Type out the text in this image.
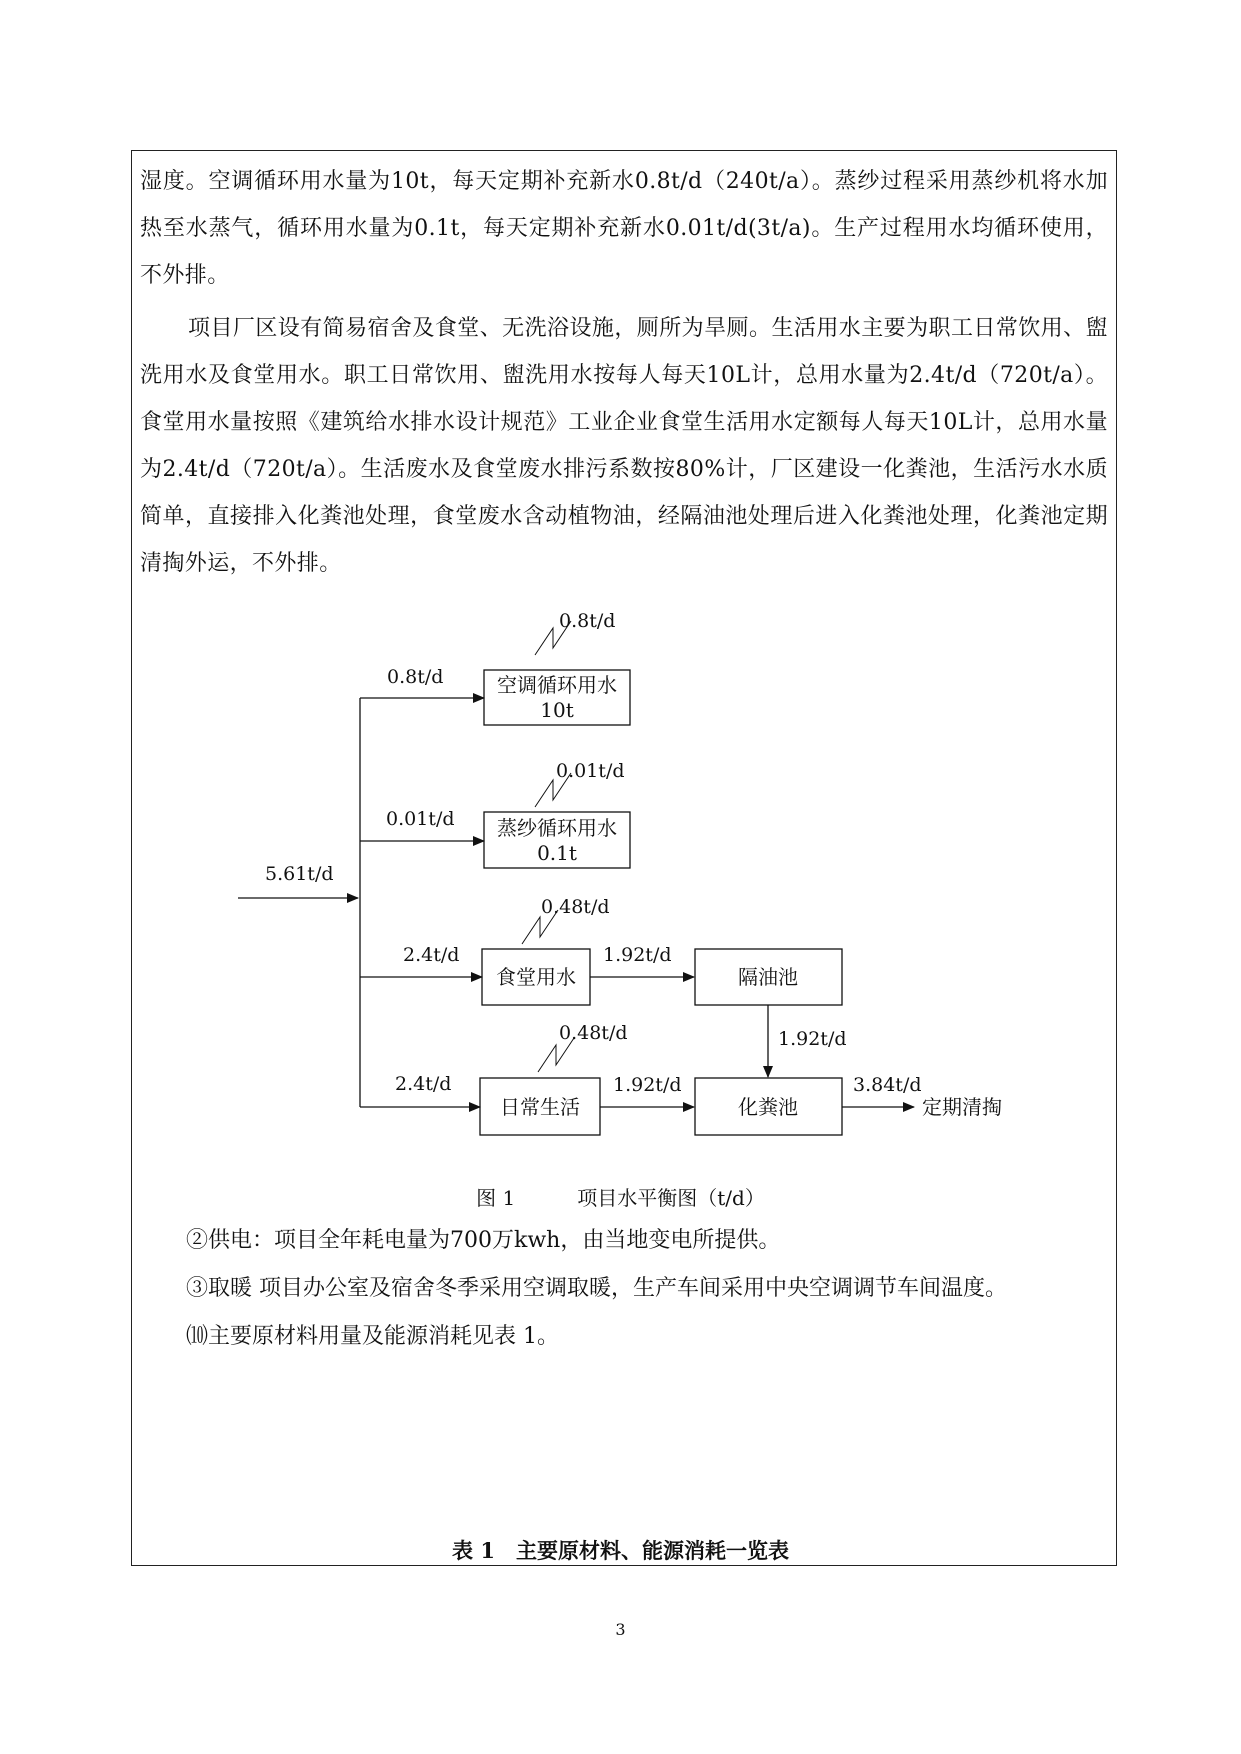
湿度。空调循环用水量为10t，每天定期补充新水0.8t/d（240t/a）。蒸纱过程采用蒸纱机将水加热至水蒸气，循环用水量为0.1t，每天定期补充新水0.01t/d(3t/a)。生产过程用水均循环使用，不外排。

项目厂区设有简易宿舍及食堂、无洗浴设施，厕所为旱厕。生活用水主要为职工日常饮用、盥洗用水及食堂用水。职工日常饮用、盥洗用水按每人每天10L计，总用水量为2.4t/d（720t/a）。食堂用水量按照《建筑给水排水设计规范》工业企业食堂生活用水定额每人每天10L计，总用水量为2.4t/d（720t/a）。生活废水及食堂废水排污系数按80%计，厂区建设一化粪池，生活污水水质简单，直接排入化粪池处理，食堂废水含动植物油，经隔油池处理后进入化粪池处理，化粪池定期清掏外运，不外排。

5.61t/d
0.8t/d
0.8t/d
0.01t/d
0.01t/d
2.4t/d
0.48t/d
1.92t/d
1.92t/d
2.4t/d
0.48t/d
1.92t/d	3.84t/d
空调循环用水
10t
蒸纱循环用水
0.1t
食堂用水	隔油池
日常生活	化粪池	定期清掏
图 1	项目水平衡图（t/d）

②供电：项目全年耗电量为700万kwh，由当地变电所提供。

③取暖 项目办公室及宿舍冬季采用空调取暖，生产车间采用中央空调调节车间温度。

⑽主要原材料用量及能源消耗见表 1。

表 1　主要原材料、能源消耗一览表
3
